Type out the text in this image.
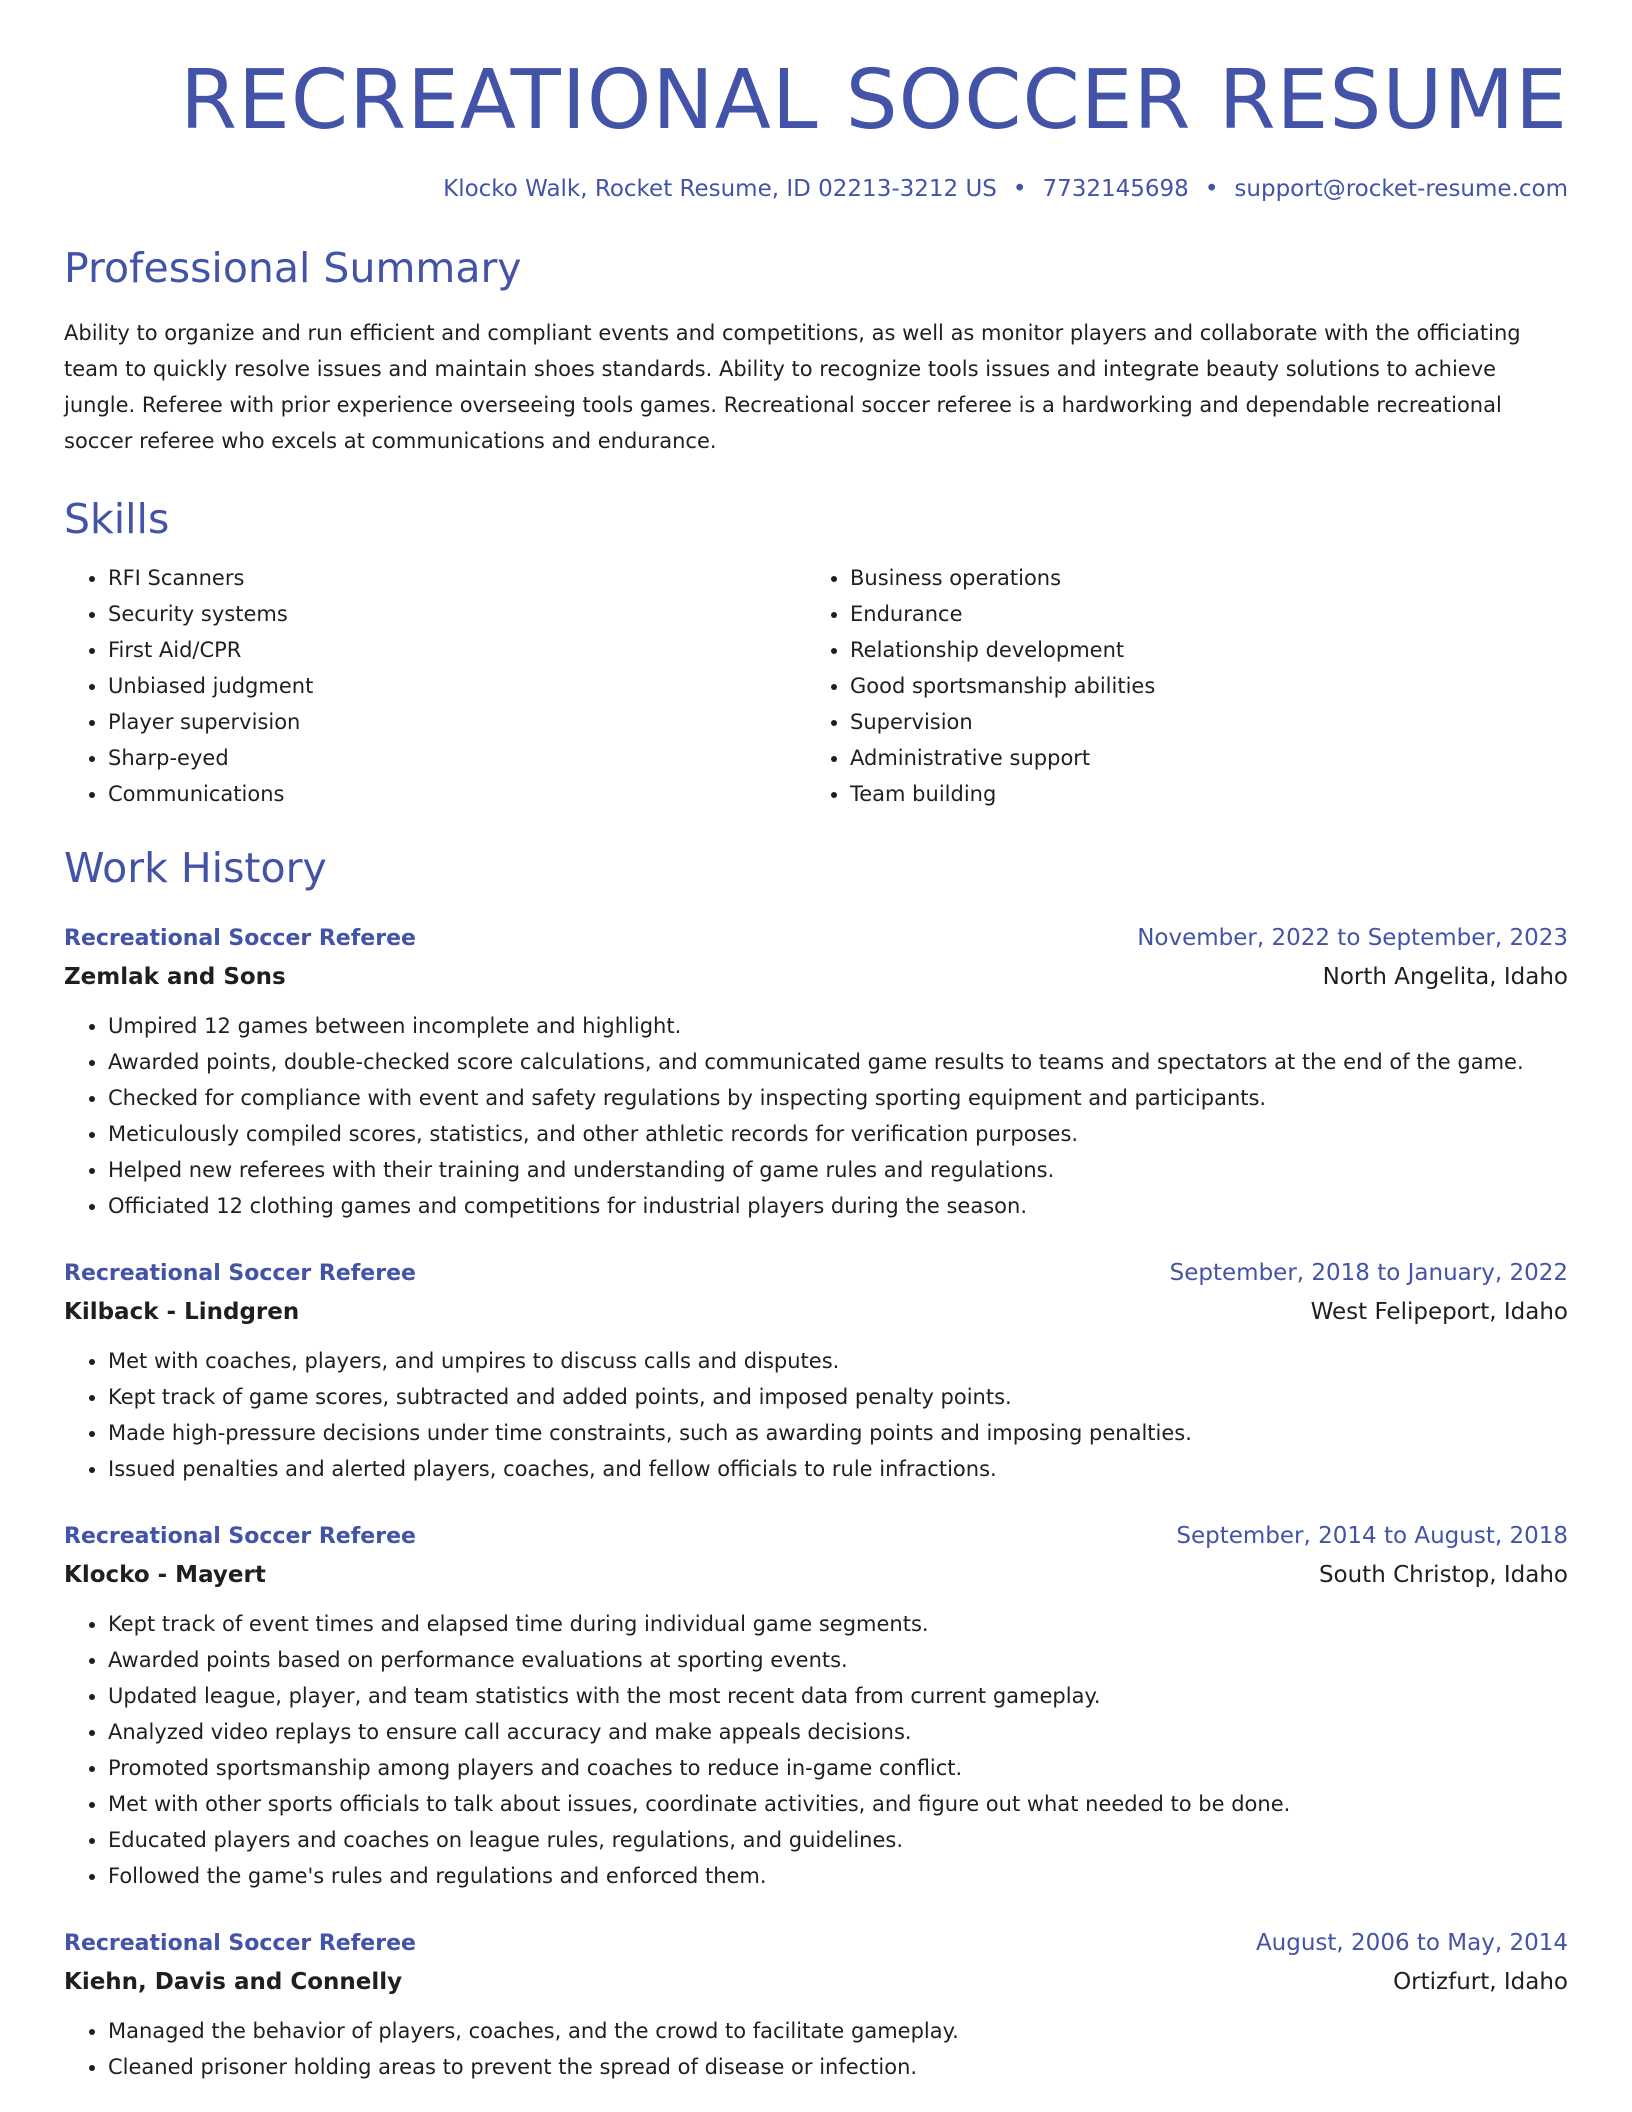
RECREATIONAL SOCCER RESUME
Klocko Walk, Rocket Resume, ID 02213-3212 US • 7732145698 • support@rocket-resume.com
Professional Summary
Ability to organize and run efficient and compliant events and competitions, as well as monitor players and collaborate with the officiating team to quickly resolve issues and maintain shoes standards. Ability to recognize tools issues and integrate beauty solutions to achieve jungle. Referee with prior experience overseeing tools games. Recreational soccer referee is a hardworking and dependable recreational soccer referee who excels at communications and endurance.
Skills
• RFI Scanners
• Security systems
• First Aid/CPR
• Unbiased judgment
• Player supervision
• Sharp-eyed
• Communications
• Business operations
• Endurance
• Relationship development
• Good sportsmanship abilities
• Supervision
• Administrative support
• Team building
Work History
Recreational Soccer Referee	November, 2022 to September, 2023
Zemlak and Sons	North Angelita, Idaho
• Umpired 12 games between incomplete and highlight.
• Awarded points, double-checked score calculations, and communicated game results to teams and spectators at the end of the game.
• Checked for compliance with event and safety regulations by inspecting sporting equipment and participants.
• Meticulously compiled scores, statistics, and other athletic records for verification purposes.
• Helped new referees with their training and understanding of game rules and regulations.
• Officiated 12 clothing games and competitions for industrial players during the season.
Recreational Soccer Referee	September, 2018 to January, 2022
Kilback - Lindgren	West Felipeport, Idaho
• Met with coaches, players, and umpires to discuss calls and disputes.
• Kept track of game scores, subtracted and added points, and imposed penalty points.
• Made high-pressure decisions under time constraints, such as awarding points and imposing penalties.
• Issued penalties and alerted players, coaches, and fellow officials to rule infractions.
Recreational Soccer Referee	September, 2014 to August, 2018
Klocko - Mayert	South Christop, Idaho
• Kept track of event times and elapsed time during individual game segments.
• Awarded points based on performance evaluations at sporting events.
• Updated league, player, and team statistics with the most recent data from current gameplay.
• Analyzed video replays to ensure call accuracy and make appeals decisions.
• Promoted sportsmanship among players and coaches to reduce in-game conflict.
• Met with other sports officials to talk about issues, coordinate activities, and figure out what needed to be done.
• Educated players and coaches on league rules, regulations, and guidelines.
• Followed the game's rules and regulations and enforced them.
Recreational Soccer Referee	August, 2006 to May, 2014
Kiehn, Davis and Connelly	Ortizfurt, Idaho
• Managed the behavior of players, coaches, and the crowd to facilitate gameplay.
• Cleaned prisoner holding areas to prevent the spread of disease or infection.
